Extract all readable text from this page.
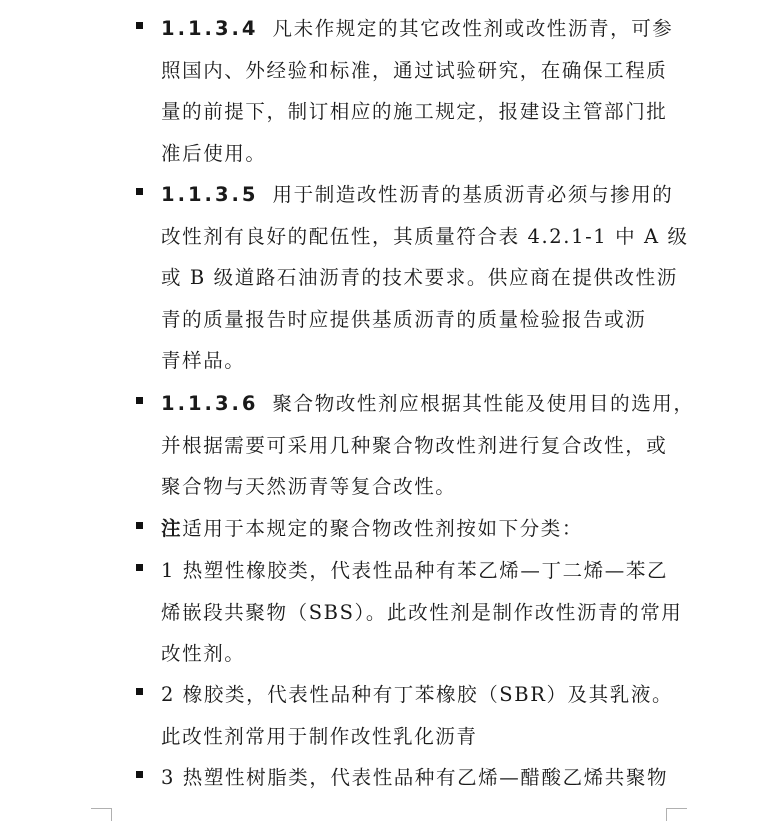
1.1.3.4 凡未作规定的其它改性剂或改性沥青，可参
照国内、外经验和标准，通过试验研究，在确保工程质
量的前提下，制订相应的施工规定，报建设主管部门批
准后使用。
1.1.3.5 用于制造改性沥青的基质沥青必须与掺用的
改性剂有良好的配伍性，其质量符合表 4.2.1-1 中 A 级
或 B 级道路石油沥青的技术要求。供应商在提供改性沥
青的质量报告时应提供基质沥青的质量检验报告或沥
青样品。
1.1.3.6 聚合物改性剂应根据其性能及使用目的选用，
并根据需要可采用几种聚合物改性剂进行复合改性，或
聚合物与天然沥青等复合改性。
注适用于本规定的聚合物改性剂按如下分类：
1 热塑性橡胶类，代表性品种有苯乙烯—丁二烯—苯乙
烯嵌段共聚物（SBS）。此改性剂是制作改性沥青的常用
改性剂。
2 橡胶类，代表性品种有丁苯橡胶（SBR）及其乳液。
此改性剂常用于制作改性乳化沥青
3 热塑性树脂类，代表性品种有乙烯—醋酸乙烯共聚物
